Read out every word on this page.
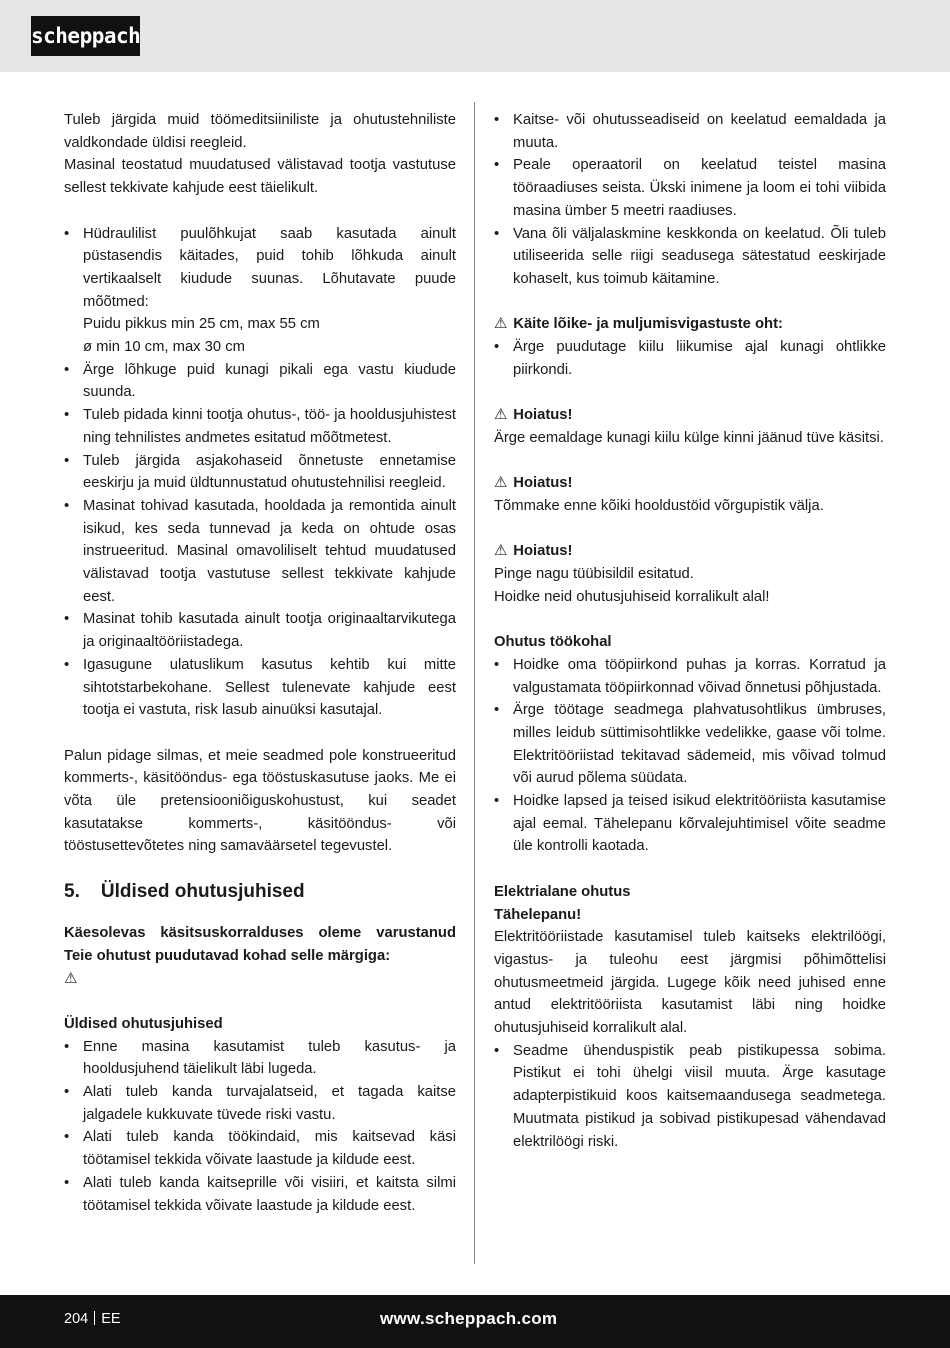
scheppach

Tuleb järgida muid töömeditsiiniliste ja ohutustehniliste valdkondade üldisi reegleid.

Masinal teostatud muudatused välistavad tootja vastutuse sellest tekkivate kahjude eest täielikult.

• Hüdraulilist puulõhkujat saab kasutada ainult püstasendis käitades, puid tohib lõhkuda ainult vertikaalselt kiudude suunas. Lõhutavate puude mõõtmed:
Puidu pikkus min 25 cm, max 55 cm
ø min 10 cm, max 30 cm
• Ärge lõhkuge puid kunagi pikali ega vastu kiudude suunda.
• Tuleb pidada kinni tootja ohutus-, töö- ja hooldusjuhistest ning tehnilistes andmetes esitatud mõõtmetest.
• Tuleb järgida asjakohaseid õnnetuste ennetamise eeskirju ja muid üldtunnustatud ohutustehnilisi reegleid.
• Masinat tohivad kasutada, hooldada ja remontida ainult isikud, kes seda tunnevad ja keda on ohtude osas instrueeritud. Masinal omavoliliselt tehtud muudatused välistavad tootja vastutuse sellest tekkivate kahjude eest.
• Masinat tohib kasutada ainult tootja originaaltarvikutega ja originaaltööriistadega.
• Igasugune ulatuslikum kasutus kehtib kui mitte sihtotstarbekohane. Sellest tulenevate kahjude eest tootja ei vastuta, risk lasub ainuüksi kasutajal.

Palun pidage silmas, et meie seadmed pole konstrueeritud kommerts-, käsitööndus- ega tööstuskasutuse jaoks. Me ei võta üle pretensiooniõiguskohustust, kui seadet kasutatakse kommerts-, käsitööndus- või tööstusettevõtetes ning samaväärsetel tegevustel.

5. Üldised ohutusjuhised

Käesolevas käsitsuskorralduses oleme varustanud Teie ohutust puudutavad kohad selle märgiga:

⚠

Üldised ohutusjuhised

• Enne masina kasutamist tuleb kasutus- ja hooldusjuhend täielikult läbi lugeda.
• Alati tuleb kanda turvajalatseid, et tagada kaitse jalgadele kukkuvate tüvede riski vastu.
• Alati tuleb kanda töökindaid, mis kaitsevad käsi töötamisel tekkida võivate laastude ja kildude eest.
• Alati tuleb kanda kaitseprille või visiiri, et kaitsta silmi töötamisel tekkida võivate laastude ja kildude eest.
• Kaitse- või ohutusseadiseid on keelatud eemaldada ja muuta.
• Peale operaatoril on keelatud teistel masina tööraadiuses seista. Ükski inimene ja loom ei tohi viibida masina ümber 5 meetri raadiuses.
• Vana õli väljalaskmine keskkonda on keelatud. Õli tuleb utiliseerida selle riigi seadusega sätestatud eeskirjade kohaselt, kus toimub käitamine.

⚠ Käite lõike- ja muljumisvigastuste oht:

• Ärge puudutage kiilu liikumise ajal kunagi ohtlikke piirkondi.

⚠ Hoiatus!

Ärge eemaldage kunagi kiilu külge kinni jäänud tüve käsitsi.

⚠ Hoiatus!

Tõmmake enne kõiki hooldustöid võrgupistik välja.

⚠ Hoiatus!

Pinge nagu tüübisildil esitatud.

Hoidke neid ohutusjuhiseid korralikult alal!

Ohutus töökohal

• Hoidke oma tööpiirkond puhas ja korras. Korratud ja valgustamata tööpiirkonnad võivad õnnetusi põhjustada.
• Ärge töötage seadmega plahvatusohtlikus ümbruses, milles leidub süttimisohtlikke vedelikke, gaase või tolme. Elektritööriistad tekitavad sädemeid, mis võivad tolmud või aurud põlema süüdata.
• Hoidke lapsed ja teised isikud elektritööriista kasutamise ajal eemal. Tähelepanu kõrvalejuhtimisel võite seadme üle kontrolli kaotada.

Elektrialane ohutus

Tähelepanu!

Elektritööriistade kasutamisel tuleb kaitseks elektrilöögi, vigastus- ja tuleohu eest järgmisi põhimõttelisi ohutusmeetmeid järgida. Lugege kõik need juhised enne antud elektritööriista kasutamist läbi ning hoidke ohutusjuhiseid korralikult alal.

• Seadme ühenduspistik peab pistikupessa sobima. Pistikut ei tohi ühelgi viisil muuta. Ärge kasutage adapterpistikuid koos kaitsemaandusega seadmetega. Muutmata pistikud ja sobivad pistikupesad vähendavad elektrilöögi riski.
204 EE	www.scheppach.com
